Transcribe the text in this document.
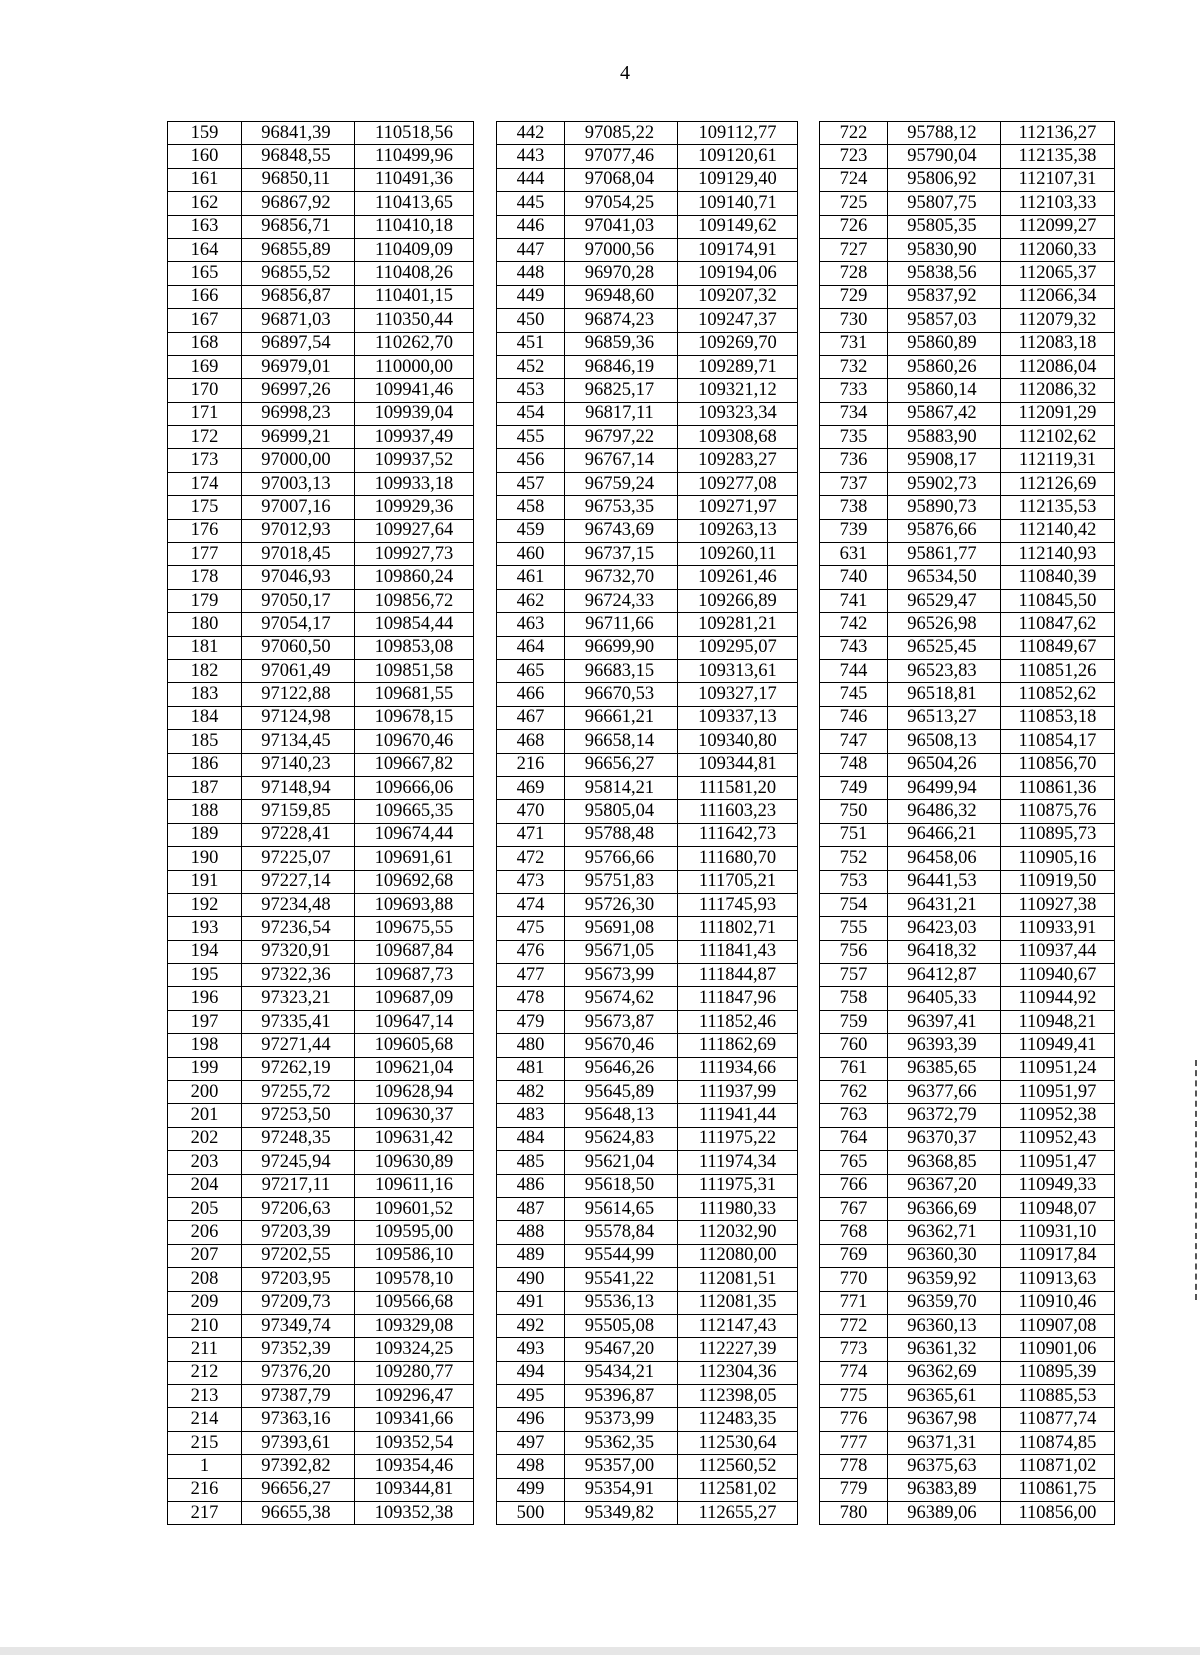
4
159	96841,39	110518,56		442	97085,22	109112,77		722	95788,12	112136,27
160	96848,55	110499,96		443	97077,46	109120,61		723	95790,04	112135,38
161	96850,11	110491,36		444	97068,04	109129,40		724	95806,92	112107,31
162	96867,92	110413,65		445	97054,25	109140,71		725	95807,75	112103,33
163	96856,71	110410,18		446	97041,03	109149,62		726	95805,35	112099,27
164	96855,89	110409,09		447	97000,56	109174,91		727	95830,90	112060,33
165	96855,52	110408,26		448	96970,28	109194,06		728	95838,56	112065,37
166	96856,87	110401,15		449	96948,60	109207,32		729	95837,92	112066,34
167	96871,03	110350,44		450	96874,23	109247,37		730	95857,03	112079,32
168	96897,54	110262,70		451	96859,36	109269,70		731	95860,89	112083,18
169	96979,01	110000,00		452	96846,19	109289,71		732	95860,26	112086,04
170	96997,26	109941,46		453	96825,17	109321,12		733	95860,14	112086,32
171	96998,23	109939,04		454	96817,11	109323,34		734	95867,42	112091,29
172	96999,21	109937,49		455	96797,22	109308,68		735	95883,90	112102,62
173	97000,00	109937,52		456	96767,14	109283,27		736	95908,17	112119,31
174	97003,13	109933,18		457	96759,24	109277,08		737	95902,73	112126,69
175	97007,16	109929,36		458	96753,35	109271,97		738	95890,73	112135,53
176	97012,93	109927,64		459	96743,69	109263,13		739	95876,66	112140,42
177	97018,45	109927,73		460	96737,15	109260,11		631	95861,77	112140,93
178	97046,93	109860,24		461	96732,70	109261,46		740	96534,50	110840,39
179	97050,17	109856,72		462	96724,33	109266,89		741	96529,47	110845,50
180	97054,17	109854,44		463	96711,66	109281,21		742	96526,98	110847,62
181	97060,50	109853,08		464	96699,90	109295,07		743	96525,45	110849,67
182	97061,49	109851,58		465	96683,15	109313,61		744	96523,83	110851,26
183	97122,88	109681,55		466	96670,53	109327,17		745	96518,81	110852,62
184	97124,98	109678,15		467	96661,21	109337,13		746	96513,27	110853,18
185	97134,45	109670,46		468	96658,14	109340,80		747	96508,13	110854,17
186	97140,23	109667,82		216	96656,27	109344,81		748	96504,26	110856,70
187	97148,94	109666,06		469	95814,21	111581,20		749	96499,94	110861,36
188	97159,85	109665,35		470	95805,04	111603,23		750	96486,32	110875,76
189	97228,41	109674,44		471	95788,48	111642,73		751	96466,21	110895,73
190	97225,07	109691,61		472	95766,66	111680,70		752	96458,06	110905,16
191	97227,14	109692,68		473	95751,83	111705,21		753	96441,53	110919,50
192	97234,48	109693,88		474	95726,30	111745,93		754	96431,21	110927,38
193	97236,54	109675,55		475	95691,08	111802,71		755	96423,03	110933,91
194	97320,91	109687,84		476	95671,05	111841,43		756	96418,32	110937,44
195	97322,36	109687,73		477	95673,99	111844,87		757	96412,87	110940,67
196	97323,21	109687,09		478	95674,62	111847,96		758	96405,33	110944,92
197	97335,41	109647,14		479	95673,87	111852,46		759	96397,41	110948,21
198	97271,44	109605,68		480	95670,46	111862,69		760	96393,39	110949,41
199	97262,19	109621,04		481	95646,26	111934,66		761	96385,65	110951,24
200	97255,72	109628,94		482	95645,89	111937,99		762	96377,66	110951,97
201	97253,50	109630,37		483	95648,13	111941,44		763	96372,79	110952,38
202	97248,35	109631,42		484	95624,83	111975,22		764	96370,37	110952,43
203	97245,94	109630,89		485	95621,04	111974,34		765	96368,85	110951,47
204	97217,11	109611,16		486	95618,50	111975,31		766	96367,20	110949,33
205	97206,63	109601,52		487	95614,65	111980,33		767	96366,69	110948,07
206	97203,39	109595,00		488	95578,84	112032,90		768	96362,71	110931,10
207	97202,55	109586,10		489	95544,99	112080,00		769	96360,30	110917,84
208	97203,95	109578,10		490	95541,22	112081,51		770	96359,92	110913,63
209	97209,73	109566,68		491	95536,13	112081,35		771	96359,70	110910,46
210	97349,74	109329,08		492	95505,08	112147,43		772	96360,13	110907,08
211	97352,39	109324,25		493	95467,20	112227,39		773	96361,32	110901,06
212	97376,20	109280,77		494	95434,21	112304,36		774	96362,69	110895,39
213	97387,79	109296,47		495	95396,87	112398,05		775	96365,61	110885,53
214	97363,16	109341,66		496	95373,99	112483,35		776	96367,98	110877,74
215	97393,61	109352,54		497	95362,35	112530,64		777	96371,31	110874,85
1	97392,82	109354,46		498	95357,00	112560,52		778	96375,63	110871,02
216	96656,27	109344,81		499	95354,91	112581,02		779	96383,89	110861,75
217	96655,38	109352,38		500	95349,82	112655,27		780	96389,06	110856,00
